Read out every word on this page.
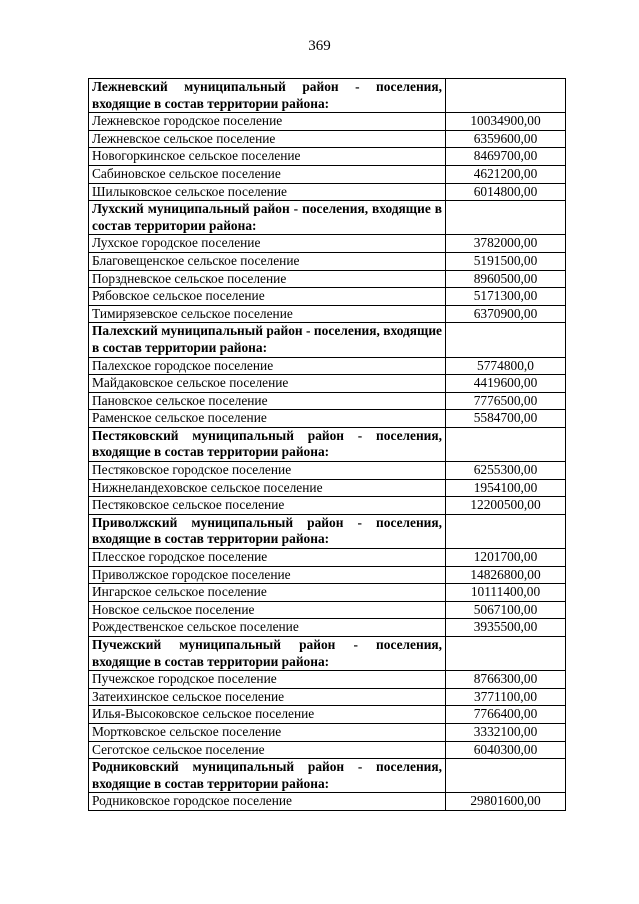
369
Лежневский муниципальный район - поселения, входящие в состав территории района:	
Лежневское городское поселение	10034900,00
Лежневское сельское поселение	6359600,00
Новогоркинское сельское поселение	8469700,00
Сабиновское сельское поселение	4621200,00
Шилыковское сельское поселение	6014800,00
Лухский муниципальный район - поселения, входящие в состав территории района:	
Лухское городское поселение	3782000,00
Благовещенское сельское поселение	5191500,00
Порздневское сельское поселение	8960500,00
Рябовское сельское поселение	5171300,00
Тимирязевское сельское поселение	6370900,00
Палехский муниципальный район - поселения, входящие в состав территории района:	
Палехское городское поселение	5774800,0
Майдаковское сельское поселение	4419600,00
Пановское сельское поселение	7776500,00
Раменское сельское поселение	5584700,00
Пестяковский муниципальный район - поселения, входящие в состав территории района:	
Пестяковское городское поселение	6255300,00
Нижнеландеховское сельское поселение	1954100,00
Пестяковское сельское поселение	12200500,00
Приволжский муниципальный район - поселения, входящие в состав территории района:	
Плесское городское поселение	1201700,00
Приволжское городское поселение	14826800,00
Ингарское сельское поселение	10111400,00
Новское сельское поселение	5067100,00
Рождественское сельское поселение	3935500,00
Пучежский муниципальный район - поселения, входящие в состав территории района:	
Пучежское городское поселение	8766300,00
Затеихинское сельское поселение	3771100,00
Илья-Высоковское сельское поселение	7766400,00
Мортковское сельское поселение	3332100,00
Сеготское сельское поселение	6040300,00
Родниковский муниципальный район - поселения, входящие в состав территории района:	
Родниковское городское поселение	29801600,00
